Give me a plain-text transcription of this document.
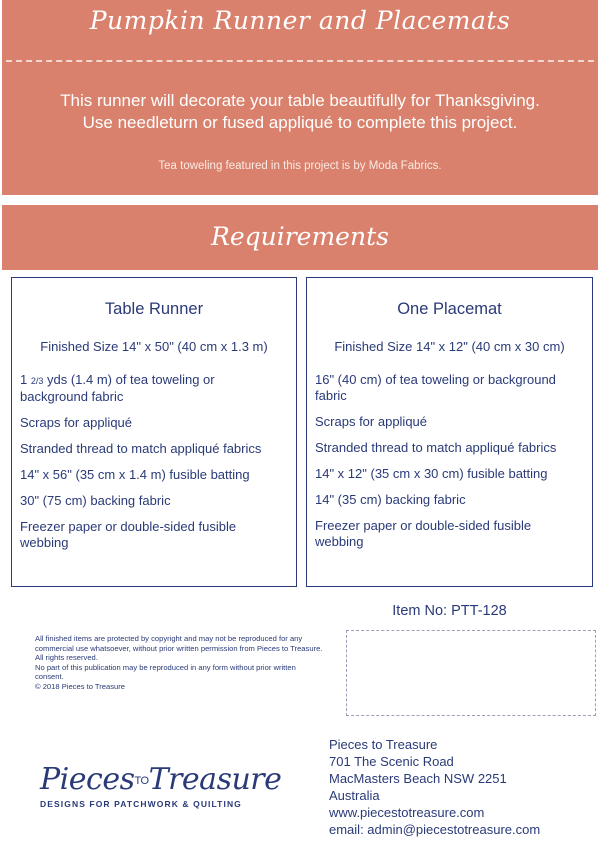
Pumpkin Runner and Placemats
This runner will decorate your table beautifully for Thanksgiving.
Use needleturn or fused appliqué to complete this project.
Tea toweling featured in this project is by Moda Fabrics.
Requirements
Table Runner
Finished Size 14" x 50" (40 cm x 1.3 m)
1 2/3 yds (1.4 m) of tea toweling or background fabric
Scraps for appliqué
Stranded thread to match appliqué fabrics
14" x 56" (35 cm x 1.4 m) fusible batting
30" (75 cm) backing fabric
Freezer paper or double-sided fusible webbing
One Placemat
Finished Size 14" x 12" (40 cm x 30 cm)
16" (40 cm) of tea toweling or background fabric
Scraps for appliqué
Stranded thread to match appliqué fabrics
14" x 12" (35 cm x 30 cm) fusible batting
14" (35 cm) backing fabric
Freezer paper or double-sided fusible webbing
Item No: PTT-128
All finished items are protected by copyright and may not be reproduced for any commercial use whatsoever, without prior written permission from Pieces to Treasure. All rights reserved.
No part of this publication may be reproduced in any form without prior written consent.
© 2018 Pieces to Treasure
PiecesTOTreasure
DESIGNS FOR PATCHWORK & QUILTING
Pieces to Treasure
701 The Scenic Road
MacMasters Beach NSW 2251
Australia
www.piecestotreasure.com
email: admin@piecestotreasure.com
